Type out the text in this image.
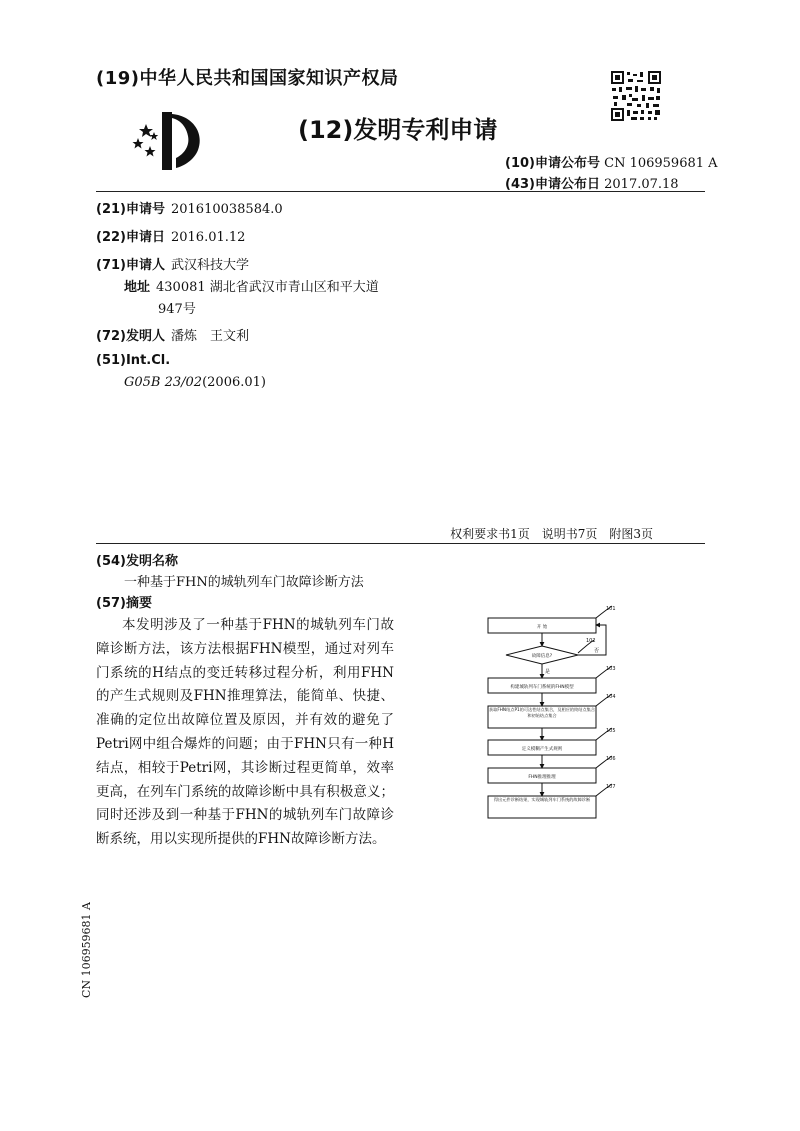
(19)中华人民共和国国家知识产权局
(12)发明专利申请
(10)申请公布号 CN 106959681 A
(43)申请公布日 2017.07.18
(21)申请号 201610038584.0
(22)申请日 2016.01.12
(71)申请人 武汉科技大学
地址 430081 湖北省武汉市青山区和平大道
947号
(72)发明人 潘炼　王文利
(51)Int.Cl.
G05B 23/02(2006.01)
权利要求书1页　说明书7页　附图3页
(54)发明名称
一种基于FHN的城轨列车门故障诊断方法
(57)摘要
本发明涉及了一种基于FHN的城轨列车门故障诊断方法，该方法根据FHN模型，通过对列车门系统的H结点的变迁转移过程分析，利用FHN的产生式规则及FHN推理算法，能简单、快捷、准确的定位出故障位置及原因，并有效的避免了Petri网中组合爆炸的问题；由于FHN只有一种H结点，相较于Petri网，其诊断过程更简单，效率更高，在列车门系统的故障诊断中具有积极意义；同时还涉及到一种基于FHN的城轨列车门故障诊断系统，用以实现所提供的FHN故障诊断方法。
101
102
103
104
105
106
107
否
是
开 始
故障信息?
构建城轨列车门系统的FHN模型
获取FHN结点P1的可达性结点集合，及相应的终结点集合和初始结点集合
定义模糊产生式规则
FHN推理推理
得出元件诊断结果，实现城轨列车门系统的故障诊断
CN 106959681 A
